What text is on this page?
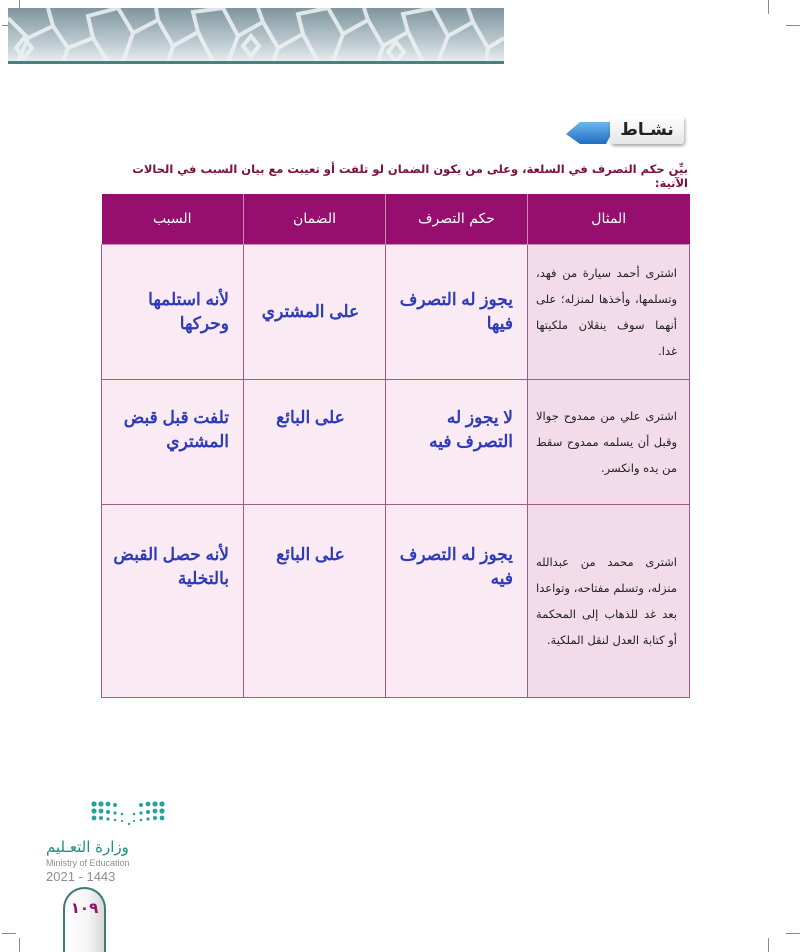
نشـاط
بيِّن حكم التصرف في السلعة، وعلى من يكون الضمان لو تلفت أو تعيبت مع بيان السبب في الحالات الآتية:
المثال	حكم التصرف	الضمان	السبب
اشترى أحمد سيارة من فهد، وتسلمها، وأخذها لمنزله؛ على أنهما سوف ينقلان ملكيتها غدا.	يجوز له التصرف فيها	على المشتري	لأنه استلمها وحركها
اشترى علي من ممدوح جوالا وقبل أن يسلمه ممدوح سقط من يده وانكسر.	لا يجوز له التصرف فيه	على البائع	تلفت قبل قبض المشتري
اشترى محمد من عبدالله منزله، وتسلم مفتاحه، وتواعدا بعد غد للذهاب إلى المحكمة أو كتابة العدل لنقل الملكية.	يجوز له التصرف فيه	على البائع	لأنه حصل القبض بالتخلية
وزارة التعـليم
Ministry of Education
2021 - 1443
١٠٩
